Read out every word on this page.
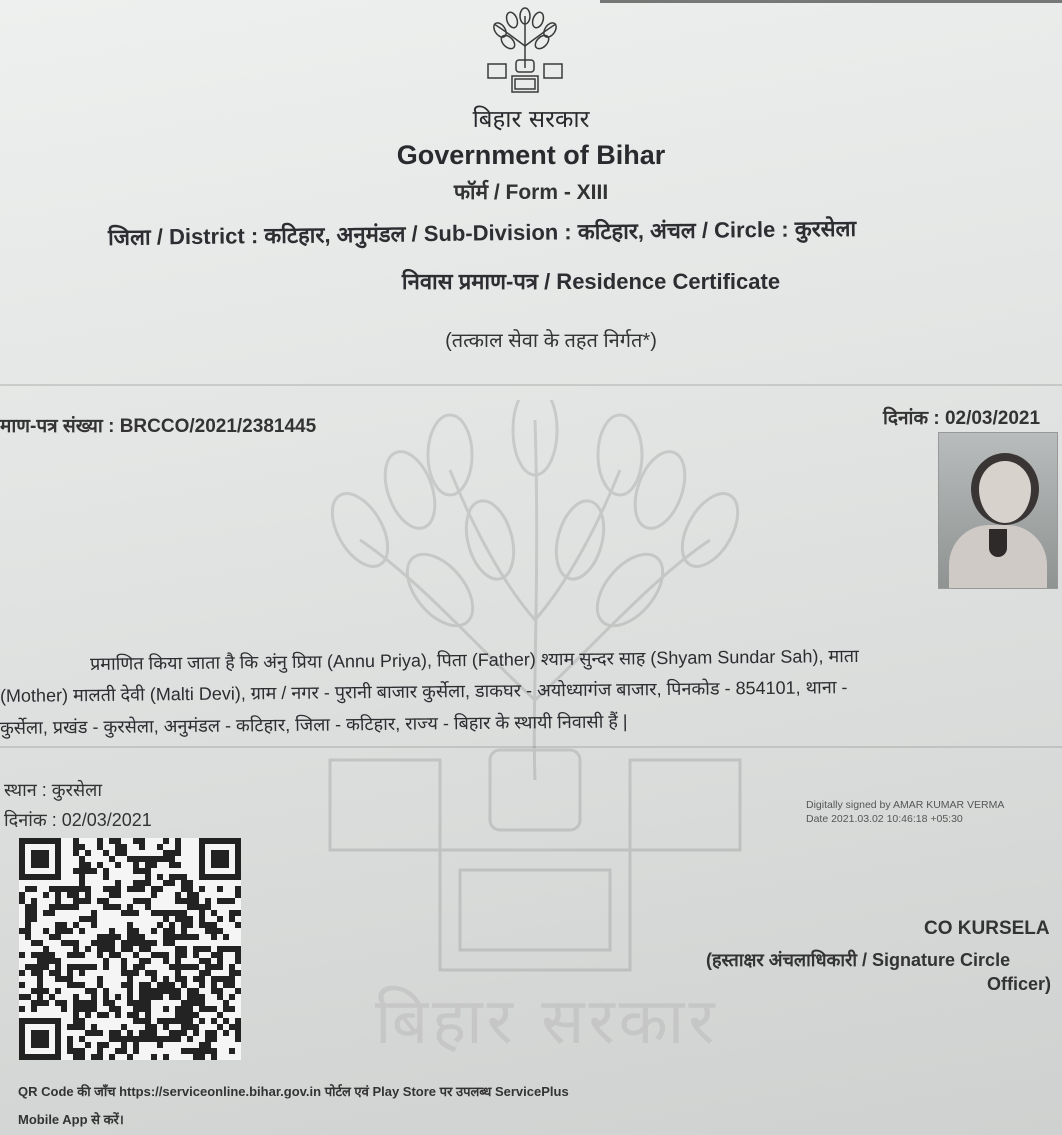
बिहार सरकार
बिहार सरकार
Government of Bihar
फॉर्म / Form - XIII
जिला / District : कटिहार, अनुमंडल / Sub-Division : कटिहार, अंचल / Circle : कुरसेला
निवास प्रमाण-पत्र / Residence Certificate
(तत्काल सेवा के तहत निर्गत*)
माण-पत्र संख्या : BRCCO/2021/2381445	दिनांक : 02/03/2021
प्रमाणित किया जाता है कि अंनु प्रिया (Annu Priya), पिता (Father) श्याम सुन्दर साह (Shyam Sundar Sah), माता
(Mother) मालती देवी (Malti Devi), ग्राम / नगर - पुरानी बाजार कुर्सेला, डाकघर - अयोध्यागंज बाजार, पिनकोड - 854101, थाना -
कुर्सेला, प्रखंड - कुरसेला, अनुमंडल - कटिहार, जिला - कटिहार, राज्य - बिहार के स्थायी निवासी हैं |
स्थान : कुरसेला
दिनांक : 02/03/2021
Digitally signed by AMAR KUMAR VERMA
Date 2021.03.02 10:46:18 +05:30
CO KURSELA
(हस्ताक्षर अंचलाधिकारी / Signature Circle
Officer)
QR Code की जाँच https://serviceonline.bihar.gov.in पोर्टल एवं Play Store पर उपलब्ध ServicePlus
Mobile App से करें।
